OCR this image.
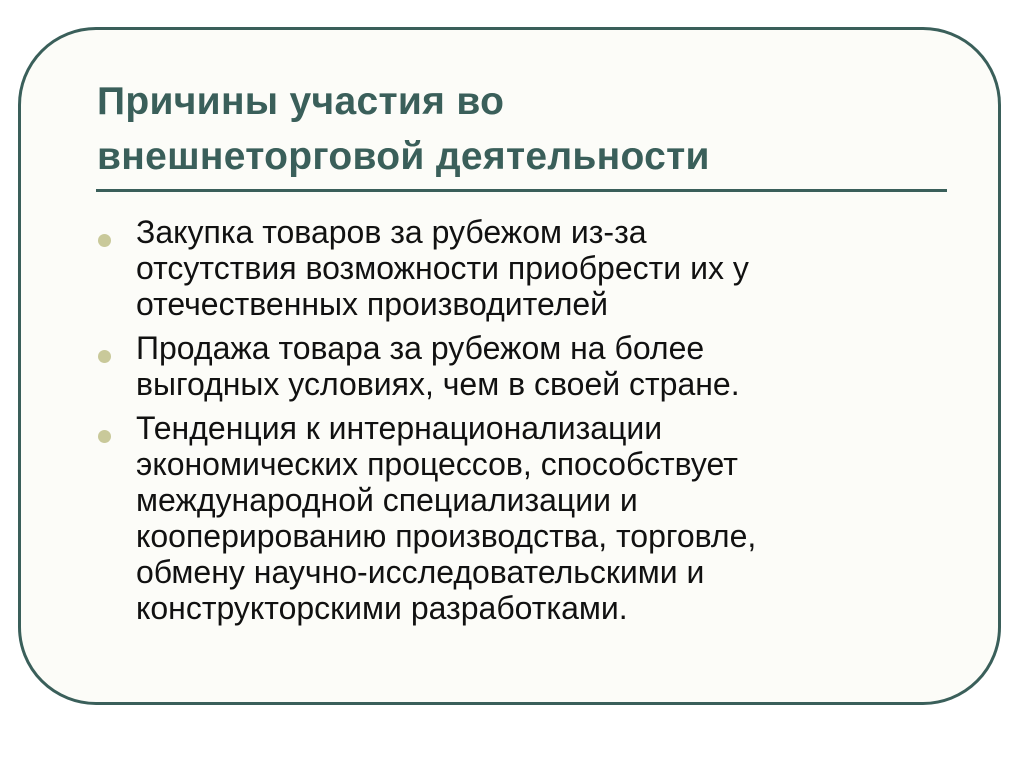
Причины участия во
внешнеторговой деятельности
Закупка товаров за рубежом из-за
отсутствия возможности приобрести их у
отечественных производителей
Продажа товара за рубежом на более
выгодных условиях, чем в своей стране.
Тенденция к интернационализации
экономических процессов, способствует
международной специализации и
кооперированию производства, торговле,
обмену научно-исследовательскими и
конструкторскими разработками.
